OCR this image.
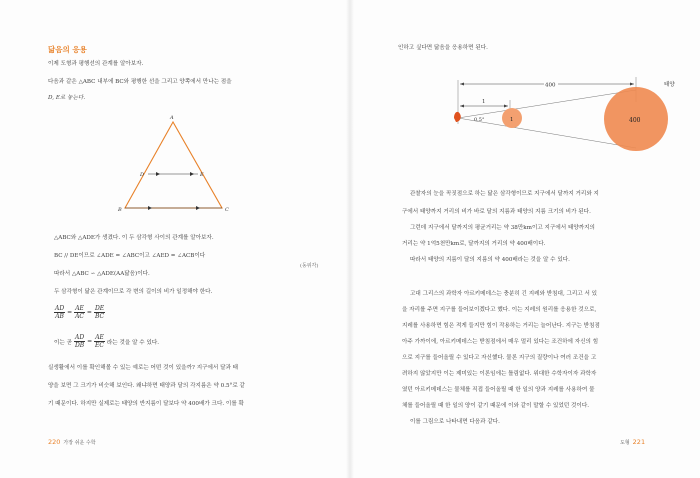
닮음의 응용
이제 도형과 평행선의 관계를 알아보자.
다음과 같은 △ABC 내부에 BC와 평행한 선을 그리고 양쪽에서 만나는 점을
D, E로 놓는다.
A
D	E
B	C
△ABC와 △ADE가 생겼다. 이 두 삼각형 사이의 관계를 알아보자.
BC // DE이므로 ∠ADE = ∠ABC이고 ∠AED = ∠ACB이다
(동위각)
따라서 △ABC ∽ △ADE(AA닮음)이다.
두 삼각형이 닮은 관계이므로 각 변의 길이의 비가 일정해야 한다.
$\frac{AD}{AB} = \frac{AE}{AC} = \frac{DE}{BC}$
이는 곧 $\frac{AD}{DB} = \frac{AE}{EC}$ 라는 것을 알 수 있다.
실생활에서 이를 확인해볼 수 있는 예로는 어떤 것이 있을까? 지구에서 달과 태
양을 보면 그 크기가 비슷해 보인다. 왜냐하면 태양과 달의 각지름은 약 0.5°로 같
기 때문이다. 하지만 실제로는 태양의 반지름이 달보다 약 400배가 크다. 이를 확
220 가장 쉬운 수학
인하고 싶다면 닮음을 응용하면 된다.
400	태양
1
400
1
0.5°
관찰자의 눈을 꼭짓점으로 하는 닮은 삼각형이므로 지구에서 달까지 거리와 지
구에서 태양까지 거리의 비가 바로 달의 지름과 태양의 지름 크기의 비가 된다.
그런데 지구에서 달까지의 평균거리는 약 38만km이고 지구에서 태양까지의
거리는 약 1억5천만km로, 달까지의 거리의 약 400배이다.
따라서 태양의 지름이 달의 지름의 약 400배라는 것을 알 수 있다.
고대 그리스의 과학자 아르키메데스는 충분히 긴 지레와 받침대, 그리고 서 있
을 자리를 주면 지구를 들어보이겠다고 했다. 이는 지레의 원리를 응용한 것으로,
지레를 사용하면 힘은 적게 들지만 힘이 작용하는 거리는 늘어난다. 지구는 받침점
아주 가까이에, 아르키메데스는 받침점에서 매우 멀리 있다는 조건하에 자신의 힘
으로 지구를 들어올릴 수 있다고 자신했다. 물론 지구의 질량이나 여러 조건을 고
려하지 않았지만 이는 제미있는 이론임에는 틀림없다. 위대한 수학자이자 과학자
였던 아르키메데스는 물체를 직접 들어올릴 때 한 일의 양과 지레를 사용하여 물
체를 들어올릴 때 한 일의 양이 같기 때문에 이와 같이 말할 수 있었던 것이다.
이를 그림으로 나타내면 다음과 같다.
도형 221
